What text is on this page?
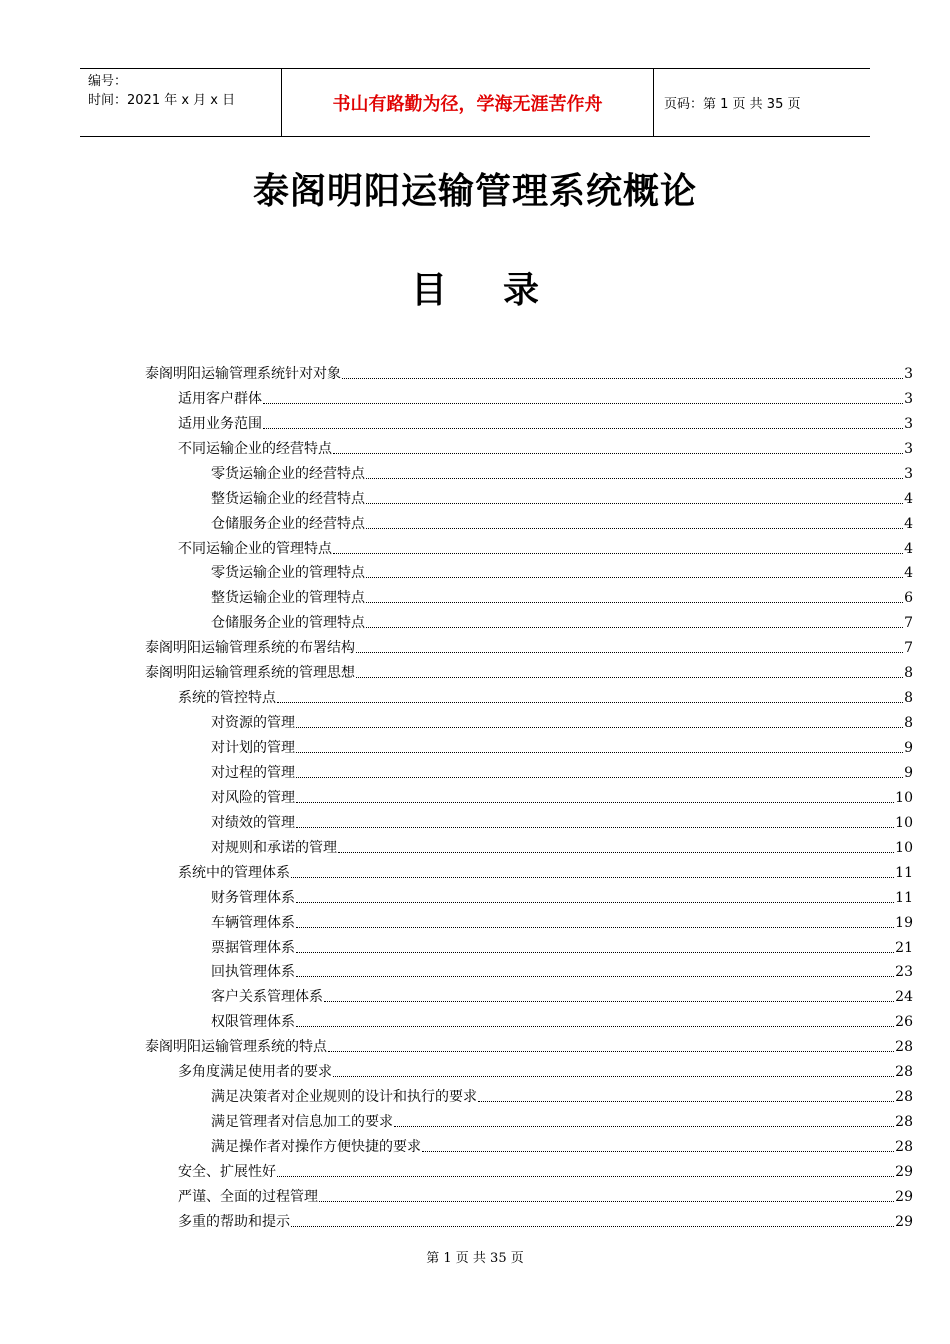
编号：
时间：2021 年 x 月 x 日	书山有路勤为径，学海无涯苦作舟	页码：第 1 页 共 35 页
泰阁明阳运输管理系统概论
目录
泰阁明阳运输管理系统针对对象	3
适用客户群体	3
适用业务范围	3
不同运输企业的经营特点	3
零货运输企业的经营特点	3
整货运输企业的经营特点	4
仓储服务企业的经营特点	4
不同运输企业的管理特点	4
零货运输企业的管理特点	4
整货运输企业的管理特点	6
仓储服务企业的管理特点	7
泰阁明阳运输管理系统的布署结构	7
泰阁明阳运输管理系统的管理思想	8
系统的管控特点	8
对资源的管理	8
对计划的管理	9
对过程的管理	9
对风险的管理	10
对绩效的管理	10
对规则和承诺的管理	10
系统中的管理体系	11
财务管理体系	11
车辆管理体系	19
票据管理体系	21
回执管理体系	23
客户关系管理体系	24
权限管理体系	26
泰阁明阳运输管理系统的特点	28
多角度满足使用者的要求	28
满足决策者对企业规则的设计和执行的要求	28
满足管理者对信息加工的要求	28
满足操作者对操作方便快捷的要求	28
安全、扩展性好	29
严谨、全面的过程管理	29
多重的帮助和提示	29
第 1 页 共 35 页
